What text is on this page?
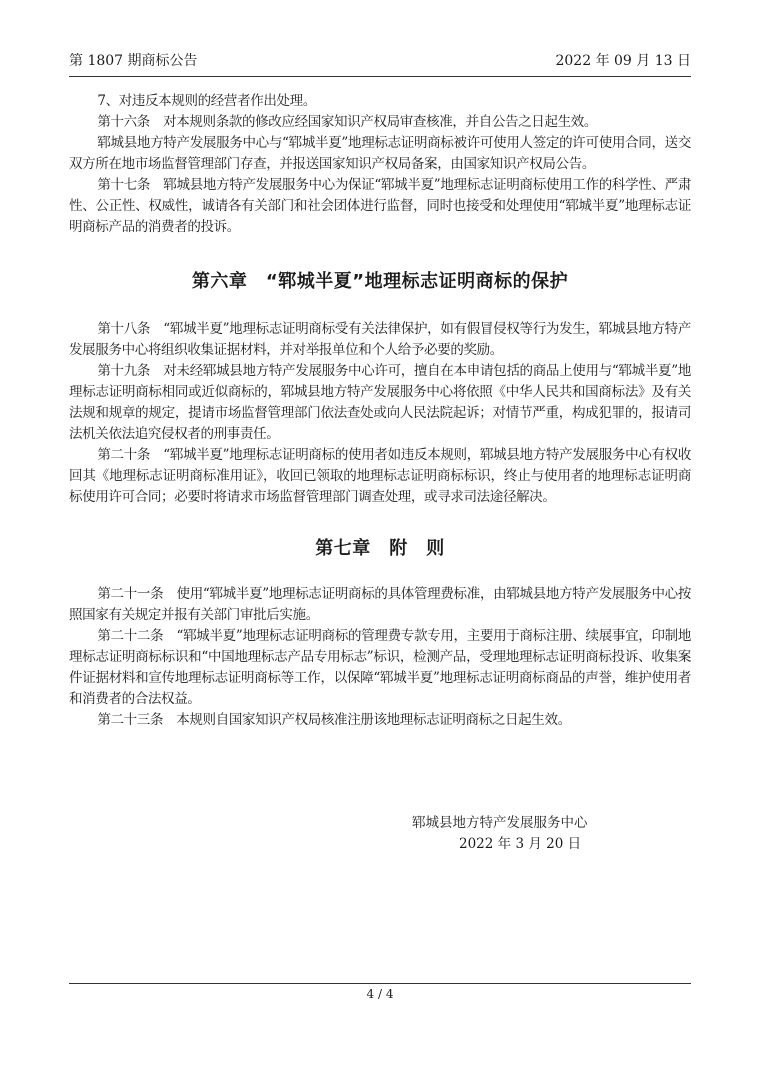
第 1807 期商标公告	2022 年 09 月 13 日

7、对违反本规则的经营者作出处理。

第十六条　对本规则条款的修改应经国家知识产权局审查核准，并自公告之日起生效。

郓城县地方特产发展服务中心与“郓城半夏”地理标志证明商标被许可使用人签定的许可使用合同，送交双方所在地市场监督管理部门存查，并报送国家知识产权局备案，由国家知识产权局公告。

第十七条　郓城县地方特产发展服务中心为保证“郓城半夏”地理标志证明商标使用工作的科学性、严肃性、公正性、权威性，诚请各有关部门和社会团体进行监督，同时也接受和处理使用“郓城半夏”地理标志证明商标产品的消费者的投诉。

第六章　“郓城半夏”地理标志证明商标的保护

第十八条　“郓城半夏”地理标志证明商标受有关法律保护，如有假冒侵权等行为发生，郓城县地方特产发展服务中心将组织收集证据材料，并对举报单位和个人给予必要的奖励。

第十九条　对未经郓城县地方特产发展服务中心许可，擅自在本申请包括的商品上使用与“郓城半夏”地理标志证明商标相同或近似商标的，郓城县地方特产发展服务中心将依照《中华人民共和国商标法》及有关法规和规章的规定，提请市场监督管理部门依法查处或向人民法院起诉；对情节严重，构成犯罪的，报请司法机关依法追究侵权者的刑事责任。

第二十条　“郓城半夏”地理标志证明商标的使用者如违反本规则，郓城县地方特产发展服务中心有权收回其《地理标志证明商标准用证》，收回已领取的地理标志证明商标标识，终止与使用者的地理标志证明商标使用许可合同；必要时将请求市场监督管理部门调查处理，或寻求司法途径解决。

第七章　附　则

第二十一条　使用“郓城半夏”地理标志证明商标的具体管理费标准，由郓城县地方特产发展服务中心按照国家有关规定并报有关部门审批后实施。

第二十二条　“郓城半夏”地理标志证明商标的管理费专款专用，主要用于商标注册、续展事宜，印制地理标志证明商标标识和“中国地理标志产品专用标志”标识，检测产品，受理地理标志证明商标投诉、收集案件证据材料和宣传地理标志证明商标等工作，以保障“郓城半夏”地理标志证明商标商品的声誉，维护使用者和消费者的合法权益。

第二十三条　本规则自国家知识产权局核准注册该地理标志证明商标之日起生效。

郓城县地方特产发展服务中心
2022 年 3 月 20 日
4 / 4
